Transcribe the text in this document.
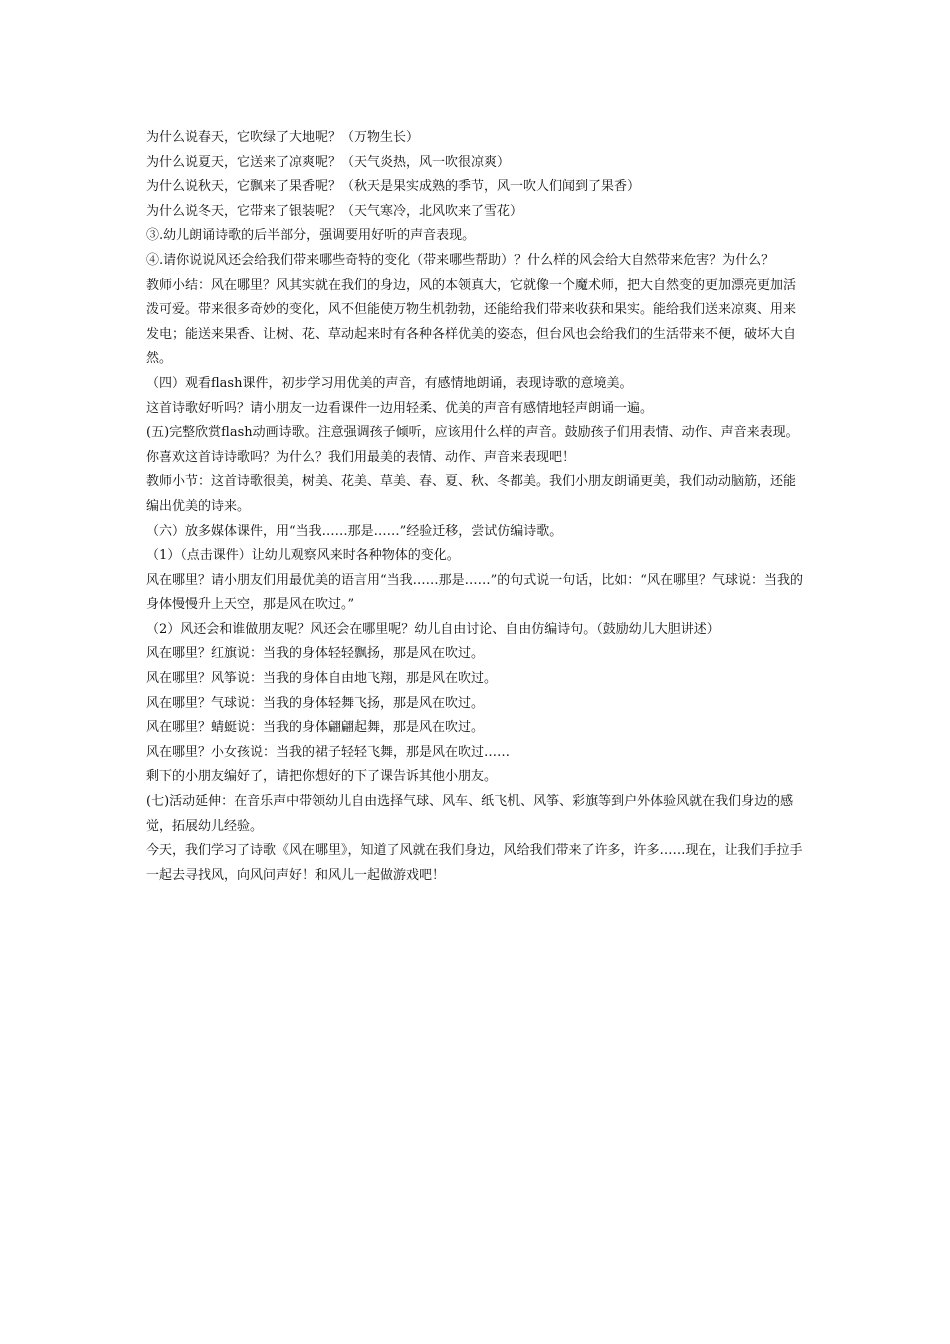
为什么说春天，它吹绿了大地呢？（万物生长）

为什么说夏天，它送来了凉爽呢？（天气炎热，风一吹很凉爽）

为什么说秋天，它飘来了果香呢？（秋天是果实成熟的季节，风一吹人们闻到了果香）

为什么说冬天，它带来了银装呢？（天气寒冷，北风吹来了雪花）

③.幼儿朗诵诗歌的后半部分，强调要用好听的声音表现。

④.请你说说风还会给我们带来哪些奇特的变化（带来哪些帮助）？什么样的风会给大自然带来危害？为什么？

教师小结：风在哪里？风其实就在我们的身边，风的本领真大，它就像一个魔术师，把大自然变的更加漂亮更加活泼可爱。带来很多奇妙的变化，风不但能使万物生机勃勃，还能给我们带来收获和果实。能给我们送来凉爽、用来发电；能送来果香、让树、花、草动起来时有各种各样优美的姿态，但台风也会给我们的生活带来不便，破坏大自然。

（四）观看flash课件，初步学习用优美的声音，有感情地朗诵，表现诗歌的意境美。

这首诗歌好听吗？请小朋友一边看课件一边用轻柔、优美的声音有感情地轻声朗诵一遍。

(五)完整欣赏flash动画诗歌。注意强调孩子倾听，应该用什么样的声音。鼓励孩子们用表情、动作、声音来表现。

你喜欢这首诗诗歌吗？为什么？我们用最美的表情、动作、声音来表现吧！

教师小节：这首诗歌很美，树美、花美、草美、春、夏、秋、冬都美。我们小朋友朗诵更美，我们动动脑筋，还能编出优美的诗来。

（六）放多媒体课件，用“当我……那是……”经验迁移，尝试仿编诗歌。

（1）（点击课件）让幼儿观察风来时各种物体的变化。

风在哪里？请小朋友们用最优美的语言用“当我……那是……”的句式说一句话，比如：“风在哪里？气球说：当我的身体慢慢升上天空，那是风在吹过。”

（2）风还会和谁做朋友呢？风还会在哪里呢？幼儿自由讨论、自由仿编诗句。（鼓励幼儿大胆讲述）

风在哪里？红旗说：当我的身体轻轻飘扬，那是风在吹过。

风在哪里？风筝说：当我的身体自由地飞翔，那是风在吹过。

风在哪里？气球说：当我的身体轻舞飞扬，那是风在吹过。

风在哪里？蜻蜓说：当我的身体翩翩起舞，那是风在吹过。

风在哪里？小女孩说：当我的裙子轻轻飞舞，那是风在吹过……

剩下的小朋友编好了，请把你想好的下了课告诉其他小朋友。

(七)活动延伸：在音乐声中带领幼儿自由选择气球、风车、纸飞机、风筝、彩旗等到户外体验风就在我们身边的感觉，拓展幼儿经验。

今天，我们学习了诗歌《风在哪里》，知道了风就在我们身边，风给我们带来了许多，许多……现在，让我们手拉手一起去寻找风，向风问声好！和风儿一起做游戏吧！
